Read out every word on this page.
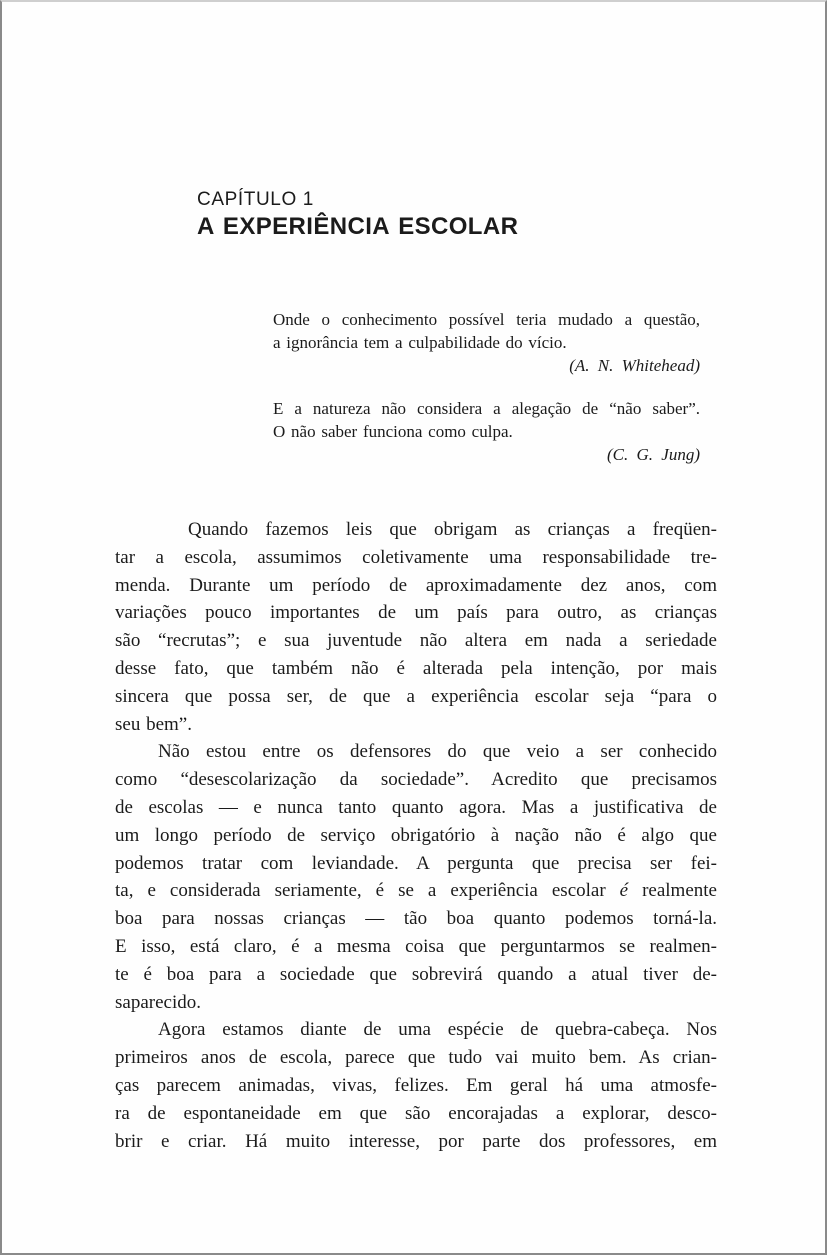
CAPÍTULO 1
A EXPERIÊNCIA ESCOLAR
Onde o conhecimento possível teria mudado a questão,
a ignorância tem a culpabilidade do vício.
(A. N. Whitehead)
E a natureza não considera a alegação de “não saber”.
O não saber funciona como culpa.
(C. G. Jung)
Quando fazemos leis que obrigam as crianças a freqüen-
tar a escola, assumimos coletivamente uma responsabilidade tre-
menda. Durante um período de aproximadamente dez anos, com
variações pouco importantes de um país para outro, as crianças
são “recrutas”; e sua juventude não altera em nada a seriedade
desse fato, que também não é alterada pela intenção, por mais
sincera que possa ser, de que a experiência escolar seja “para o
seu bem”.
Não estou entre os defensores do que veio a ser conhecido
como “desescolarização da sociedade”. Acredito que precisamos
de escolas — e nunca tanto quanto agora. Mas a justificativa de
um longo período de serviço obrigatório à nação não é algo que
podemos tratar com leviandade. A pergunta que precisa ser fei-
ta, e considerada seriamente, é se a experiência escolar é realmente
boa para nossas crianças — tão boa quanto podemos torná-la.
E isso, está claro, é a mesma coisa que perguntarmos se realmen-
te é boa para a sociedade que sobrevirá quando a atual tiver de-
saparecido.
Agora estamos diante de uma espécie de quebra-cabeça. Nos
primeiros anos de escola, parece que tudo vai muito bem. As crian-
ças parecem animadas, vivas, felizes. Em geral há uma atmosfe-
ra de espontaneidade em que são encorajadas a explorar, desco-
brir e criar. Há muito interesse, por parte dos professores, em
